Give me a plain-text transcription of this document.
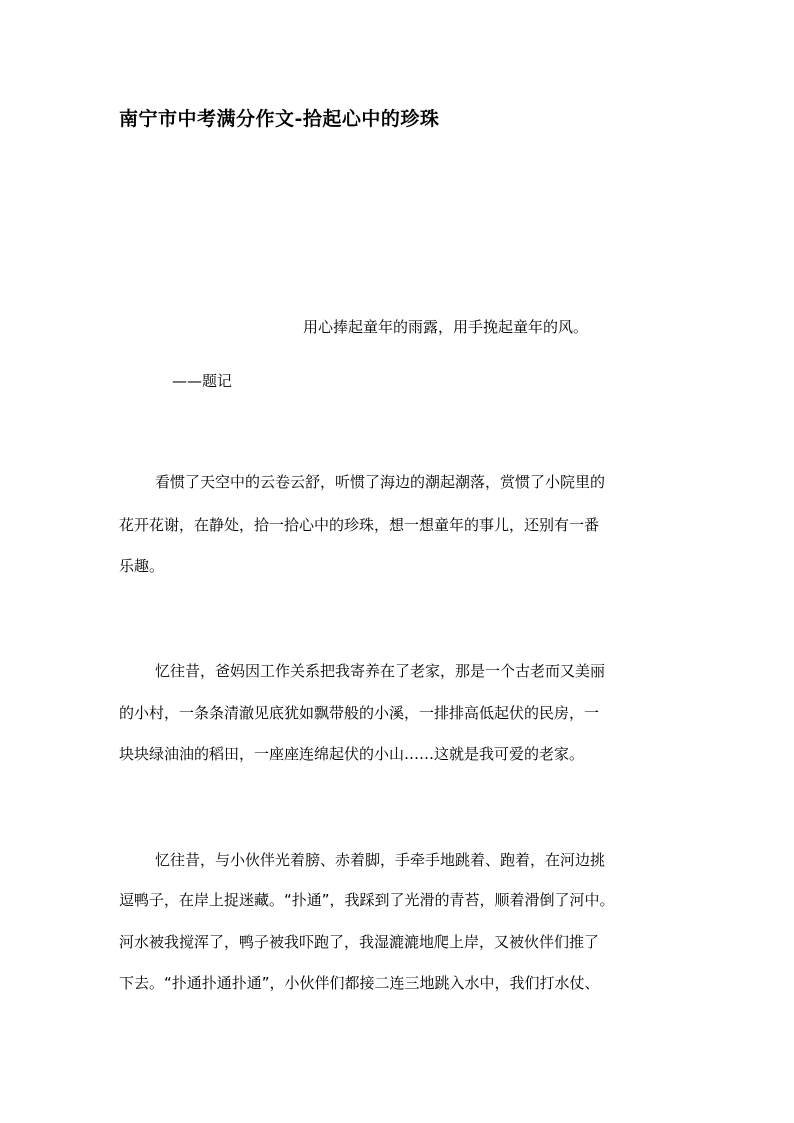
南宁市中考满分作文-拾起心中的珍珠
用心捧起童年的雨露，用手挽起童年的风。
——题记
看惯了天空中的云卷云舒，听惯了海边的潮起潮落，赏惯了小院里的
花开花谢，在静处，拾一拾心中的珍珠，想一想童年的事儿，还别有一番
乐趣。
忆往昔，爸妈因工作关系把我寄养在了老家，那是一个古老而又美丽
的小村，一条条清澈见底犹如飘带般的小溪，一排排高低起伏的民房，一
块块绿油油的稻田，一座座连绵起伏的小山……这就是我可爱的老家。
忆往昔，与小伙伴光着膀、赤着脚，手牵手地跳着、跑着，在河边挑
逗鸭子，在岸上捉迷藏。“扑通”，我踩到了光滑的青苔，顺着滑倒了河中。
河水被我搅浑了，鸭子被我吓跑了，我湿漉漉地爬上岸，又被伙伴们推了
下去。“扑通扑通扑通”，小伙伴们都接二连三地跳入水中，我们打水仗、
